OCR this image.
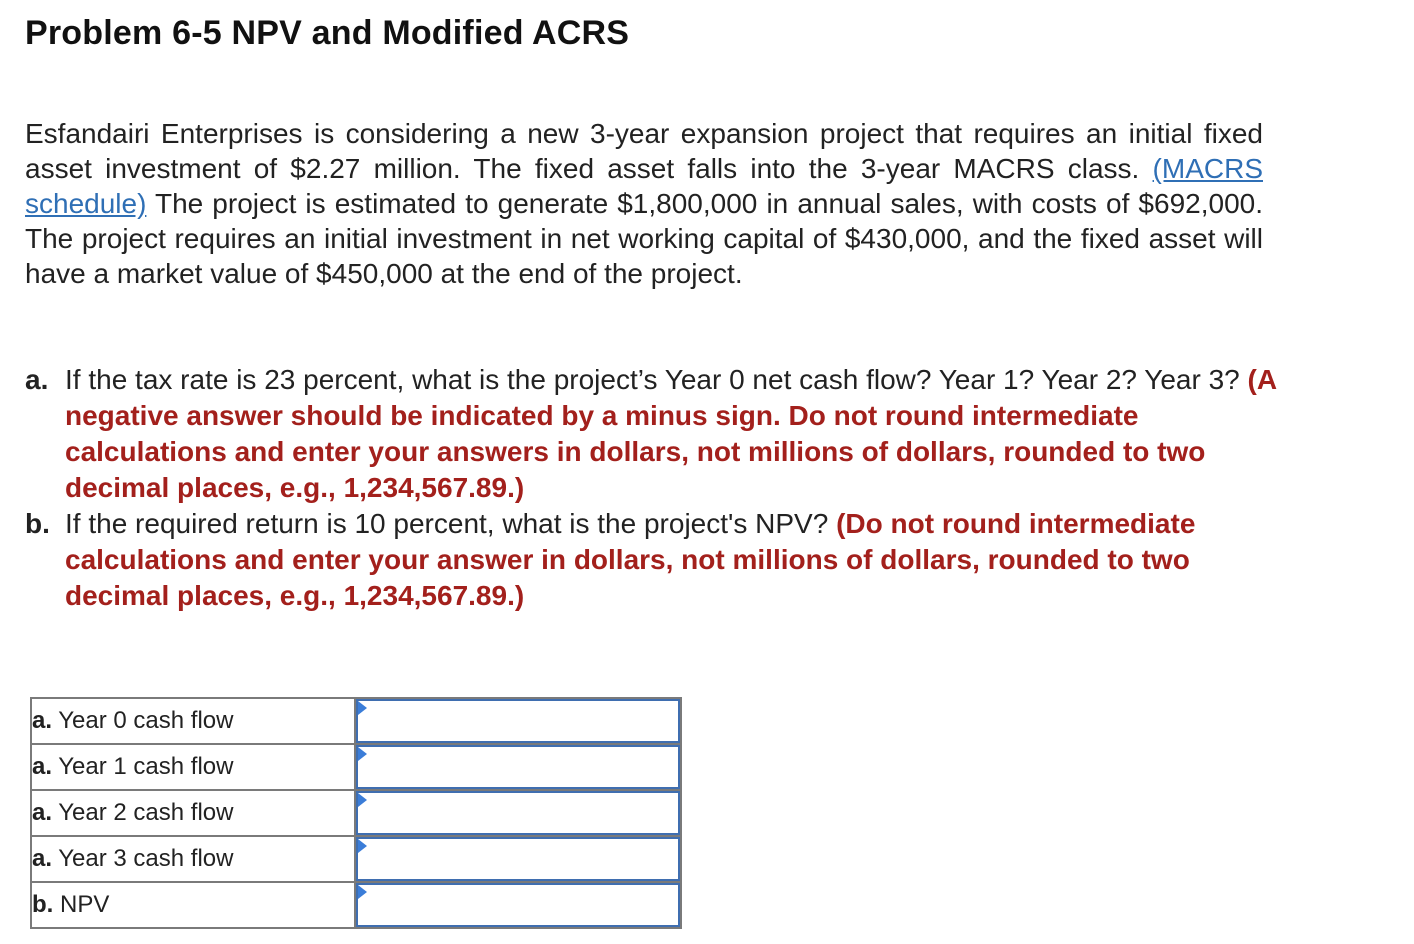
Problem 6-5 NPV and Modified ACRS

Esfandairi Enterprises is considering a new 3-year expansion project that requires an initial fixed asset investment of $2.27 million. The fixed asset falls into the 3-year MACRS class. (MACRS schedule) The project is estimated to generate $1,800,000 in annual sales, with costs of $692,000. The project requires an initial investment in net working capital of $430,000, and the fixed asset will have a market value of $450,000 at the end of the project.

a. If the tax rate is 23 percent, what is the project’s Year 0 net cash flow? Year 1? Year 2? Year 3? (A negative answer should be indicated by a minus sign. Do not round intermediate calculations and enter your answers in dollars, not millions of dollars, rounded to two decimal places, e.g., 1,234,567.89.)
b. If the required return is 10 percent, what is the project's NPV? (Do not round intermediate calculations and enter your answer in dollars, not millions of dollars, rounded to two decimal places, e.g., 1,234,567.89.)
a. Year 0 cash flow	

a. Year 1 cash flow	

a. Year 2 cash flow	

a. Year 3 cash flow	

b. NPV	
